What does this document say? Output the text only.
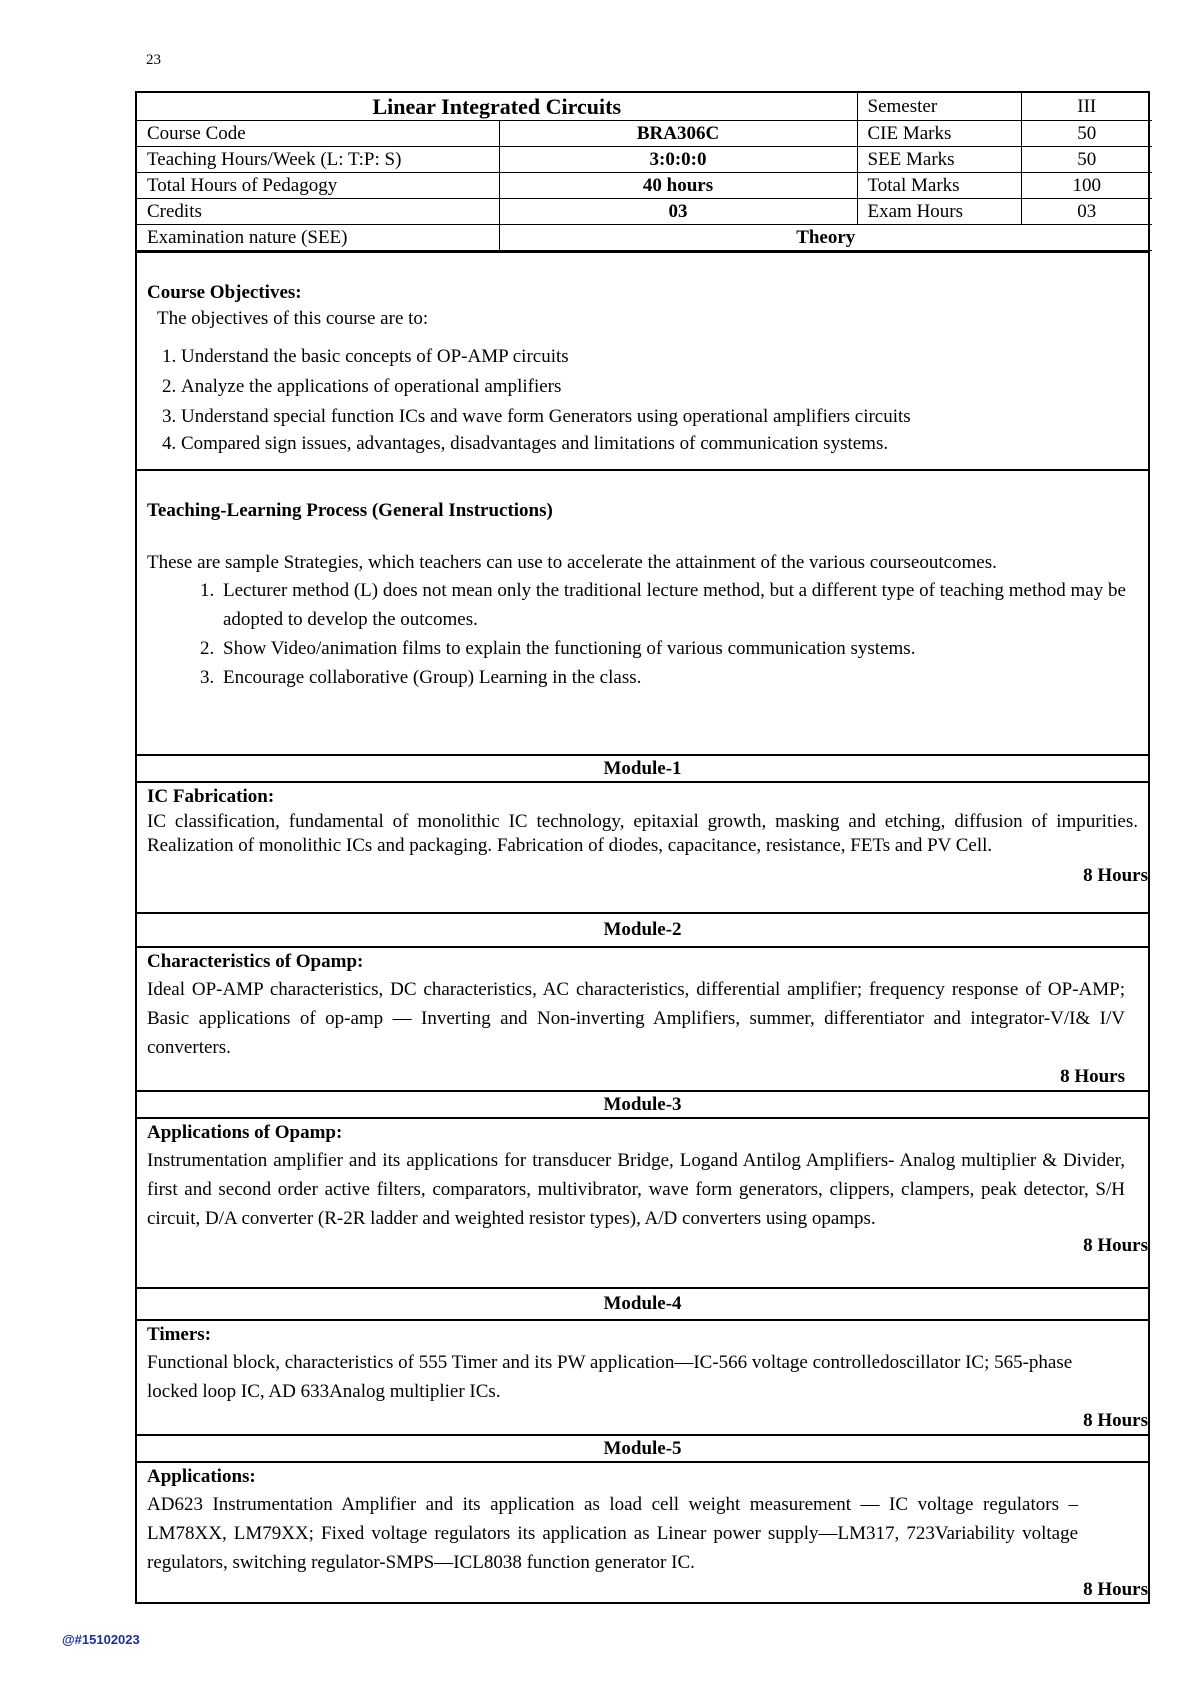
23
Linear Integrated Circuits		Semester	III
Course Code	BRA306C	CIE Marks	50
Teaching Hours/Week (L: T:P: S)	3:0:0:0	SEE Marks	50
Total Hours of Pedagogy	40 hours	Total Marks	100
Credits	03	Exam Hours	03
Examination nature (SEE)	Theory		
Course Objectives:
The objectives of this course are to:
1. Understand the basic concepts of OP-AMP circuits
2. Analyze the applications of operational amplifiers
3. Understand special function ICs and wave form Generators using operational amplifiers circuits
4. Compared sign issues, advantages, disadvantages and limitations of communication systems.
Teaching-Learning Process (General Instructions)
These are sample Strategies, which teachers can use to accelerate the attainment of the various courseoutcomes.
1. Lecturer method (L) does not mean only the traditional lecture method, but a different type of teaching method may be adopted to develop the outcomes.
2. Show Video/animation films to explain the functioning of various communication systems.
3. Encourage collaborative (Group) Learning in the class.
Module-1
IC Fabrication:
IC classification, fundamental of monolithic IC technology, epitaxial growth, masking and etching, diffusion of impurities. Realization of monolithic ICs and packaging. Fabrication of diodes, capacitance, resistance, FETs and PV Cell.
8 Hours
Module-2
Characteristics of Opamp:
Ideal OP-AMP characteristics, DC characteristics, AC characteristics, differential amplifier; frequency response of OP-AMP; Basic applications of op-amp — Inverting and Non-inverting Amplifiers, summer, differentiator and integrator-V/I& I/V converters.
8 Hours
Module-3
Applications of Opamp:
Instrumentation amplifier and its applications for transducer Bridge, Logand Antilog Amplifiers- Analog multiplier & Divider, first and second order active filters, comparators, multivibrator, wave form generators, clippers, clampers, peak detector, S/H circuit, D/A converter (R-2R ladder and weighted resistor types), A/D converters using opamps.
8 Hours
Module-4
Timers:
Functional block, characteristics of 555 Timer and its PW application—IC-566 voltage controlledoscillator IC; 565-phase locked loop IC, AD 633Analog multiplier ICs.
8 Hours
Module-5
Applications:
AD623 Instrumentation Amplifier and its application as load cell weight measurement — IC voltage regulators –LM78XX, LM79XX; Fixed voltage regulators its application as Linear power supply—LM317, 723Variability voltage regulators, switching regulator-SMPS—ICL8038 function generator IC.
8 Hours
@#15102023
